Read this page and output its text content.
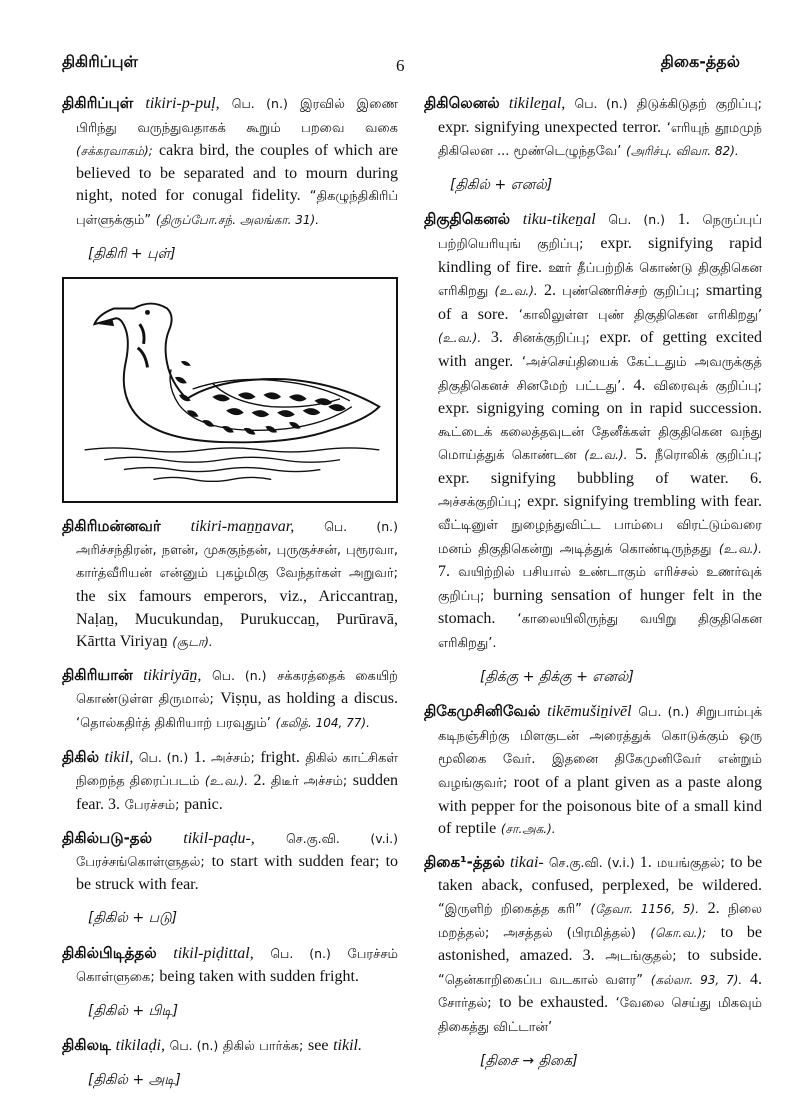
திகிரிப்புள்	6	திகை-த்தல்
திகிரிப்புள் tikiri-p-puḷ, பெ. (n.) இரவில் இணை பிரிந்து வருந்துவதாகக் கூறும் பறவை வகை (சக்கரவாகம்); cakra bird, the couples of which are believed to be separated and to mourn during night, noted for conugal fidelity. “திகழுந்திகிரிப் புள்ளுக்கும்” (திருப்போ.சந். அலங்கா. 31).
[திகிரி + புள்]
திகிரிமன்னவர் tikiri-maṉṉavar, பெ. (n.) அரிச்சந்திரன், நளன், முசுகுந்தன், புருகுச்சன், புரூரவா, கார்த்வீரியன் என்னும் புகழ்மிகு வேந்தர்கள் அறுவர்; the six famours emperors, viz., Ariccantraṉ, Naḷaṉ, Mucukundaṉ, Purukuccaṉ, Purūravā, Kārtta Viriyaṉ (சூடா).
திகிரியான் tikiriyāṉ, பெ. (n.) சக்கரத்தைக் கையிற் கொண்டுள்ள திருமால்; Viṣṇu, as holding a discus. ‘தொல்கதிர்த் திகிரியாற் பரவுதும்’ (கலித். 104, 77).
திகில் tikil, பெ. (n.) 1. அச்சம்; fright. திகில் காட்சிகள் நிறைந்த திரைப்படம் (உ.வ.). 2. திடீர் அச்சம்; sudden fear. 3. பேரச்சம்; panic.
திகில்படு-தல் tikil-paḍu-, செ.கு.வி. (v.i.) பேரச்சங்கொள்ளுதல்; to start with sudden fear; to be struck with fear.
[திகில் + படு]
திகில்பிடித்தல் tikil-piḍittal, பெ. (n.) பேரச்சம் கொள்ளுகை; being taken with sudden fright.
[திகில் + பிடி]
திகிலடி tikilaḍi, பெ. (n.) திகில் பார்க்க; see tikil.
[திகில் + அடி]
திகிலெனல் tikileṉal, பெ. (n.) திடுக்கிடுதற் குறிப்பு; expr. signifying unexpected terror. ‘எரியுந் தூமமுந் திகிலென ... மூண்டெழுந்தவே’ (அரிச்பு. விவா. 82).
[திகில் + எனல்]
திகுதிகெனல் tiku-tikeṉal பெ. (n.) 1. நெருப்புப் பற்றியெரியுங் குறிப்பு; expr. signifying rapid kindling of fire. ஊர் தீப்பற்றிக் கொண்டு திகுதிகென எரிகிறது (உ.வ.). 2. புண்ணெரிச்சற் குறிப்பு; smarting of a sore. ‘காலிலுள்ள புண் திகுதிகென எரிகிறது’ (உ.வ.). 3. சினக்குறிப்பு; expr. of getting excited with anger. ‘அச்செய்தியைக் கேட்டதும் அவருக்குத் திகுதிகெனச் சினமேற் பட்டது’. 4. விரைவுக் குறிப்பு; expr. signigying coming on in rapid succession. கூட்டைக் கலைத்தவுடன் தேனீக்கள் திகுதிகென வந்து மொய்த்துக் கொண்டன (உ.வ.). 5. நீரொலிக் குறிப்பு; expr. signifying bubbling of water. 6. அச்சக்குறிப்பு; expr. signifying trembling with fear. வீட்டினுள் நுழைந்துவிட்ட பாம்பை விரட்டும்வரை மனம் திகுதிகென்று அடித்துக் கொண்டிருந்தது (உ.வ.). 7. வயிற்றில் பசியால் உண்டாகும் எரிச்சல் உணர்வுக் குறிப்பு; burning sensation of hunger felt in the stomach. ‘காலையிலிருந்து வயிறு திகுதிகென எரிகிறது’.
[திக்கு + திக்கு + எனல்]
திகேமுசினிவேல் tikēmušiṉivēl பெ. (n.) சிறுபாம்புக் கடிநஞ்சிற்கு மிளகுடன் அரைத்துக் கொடுக்கும் ஒரு மூலிகை வேர். இதனை திகேமுனிவேர் என்றும் வழங்குவர்; root of a plant given as a paste along with pepper for the poisonous bite of a small kind of reptile (சா.அக.).
திகை¹-த்தல் tikai- செ.கு.வி. (v.i.) 1. மயங்குதல்; to be taken aback, confused, perplexed, be wildered. “இருளிற் றிகைத்த கரி” (தேவா. 1156, 5). 2. நிலை மறத்தல்; அசத்தல் (பிரமித்தல்) (கொ.வ.); to be astonished, amazed. 3. அடங்குதல்; to subside. “தென்காறிகைப்ப வடகால் வளர” (கல்லா. 93, 7). 4. சோர்தல்; to be exhausted. ‘வேலை செய்து மிகவும் திகைத்து விட்டான்’
[திசை → திகை]
